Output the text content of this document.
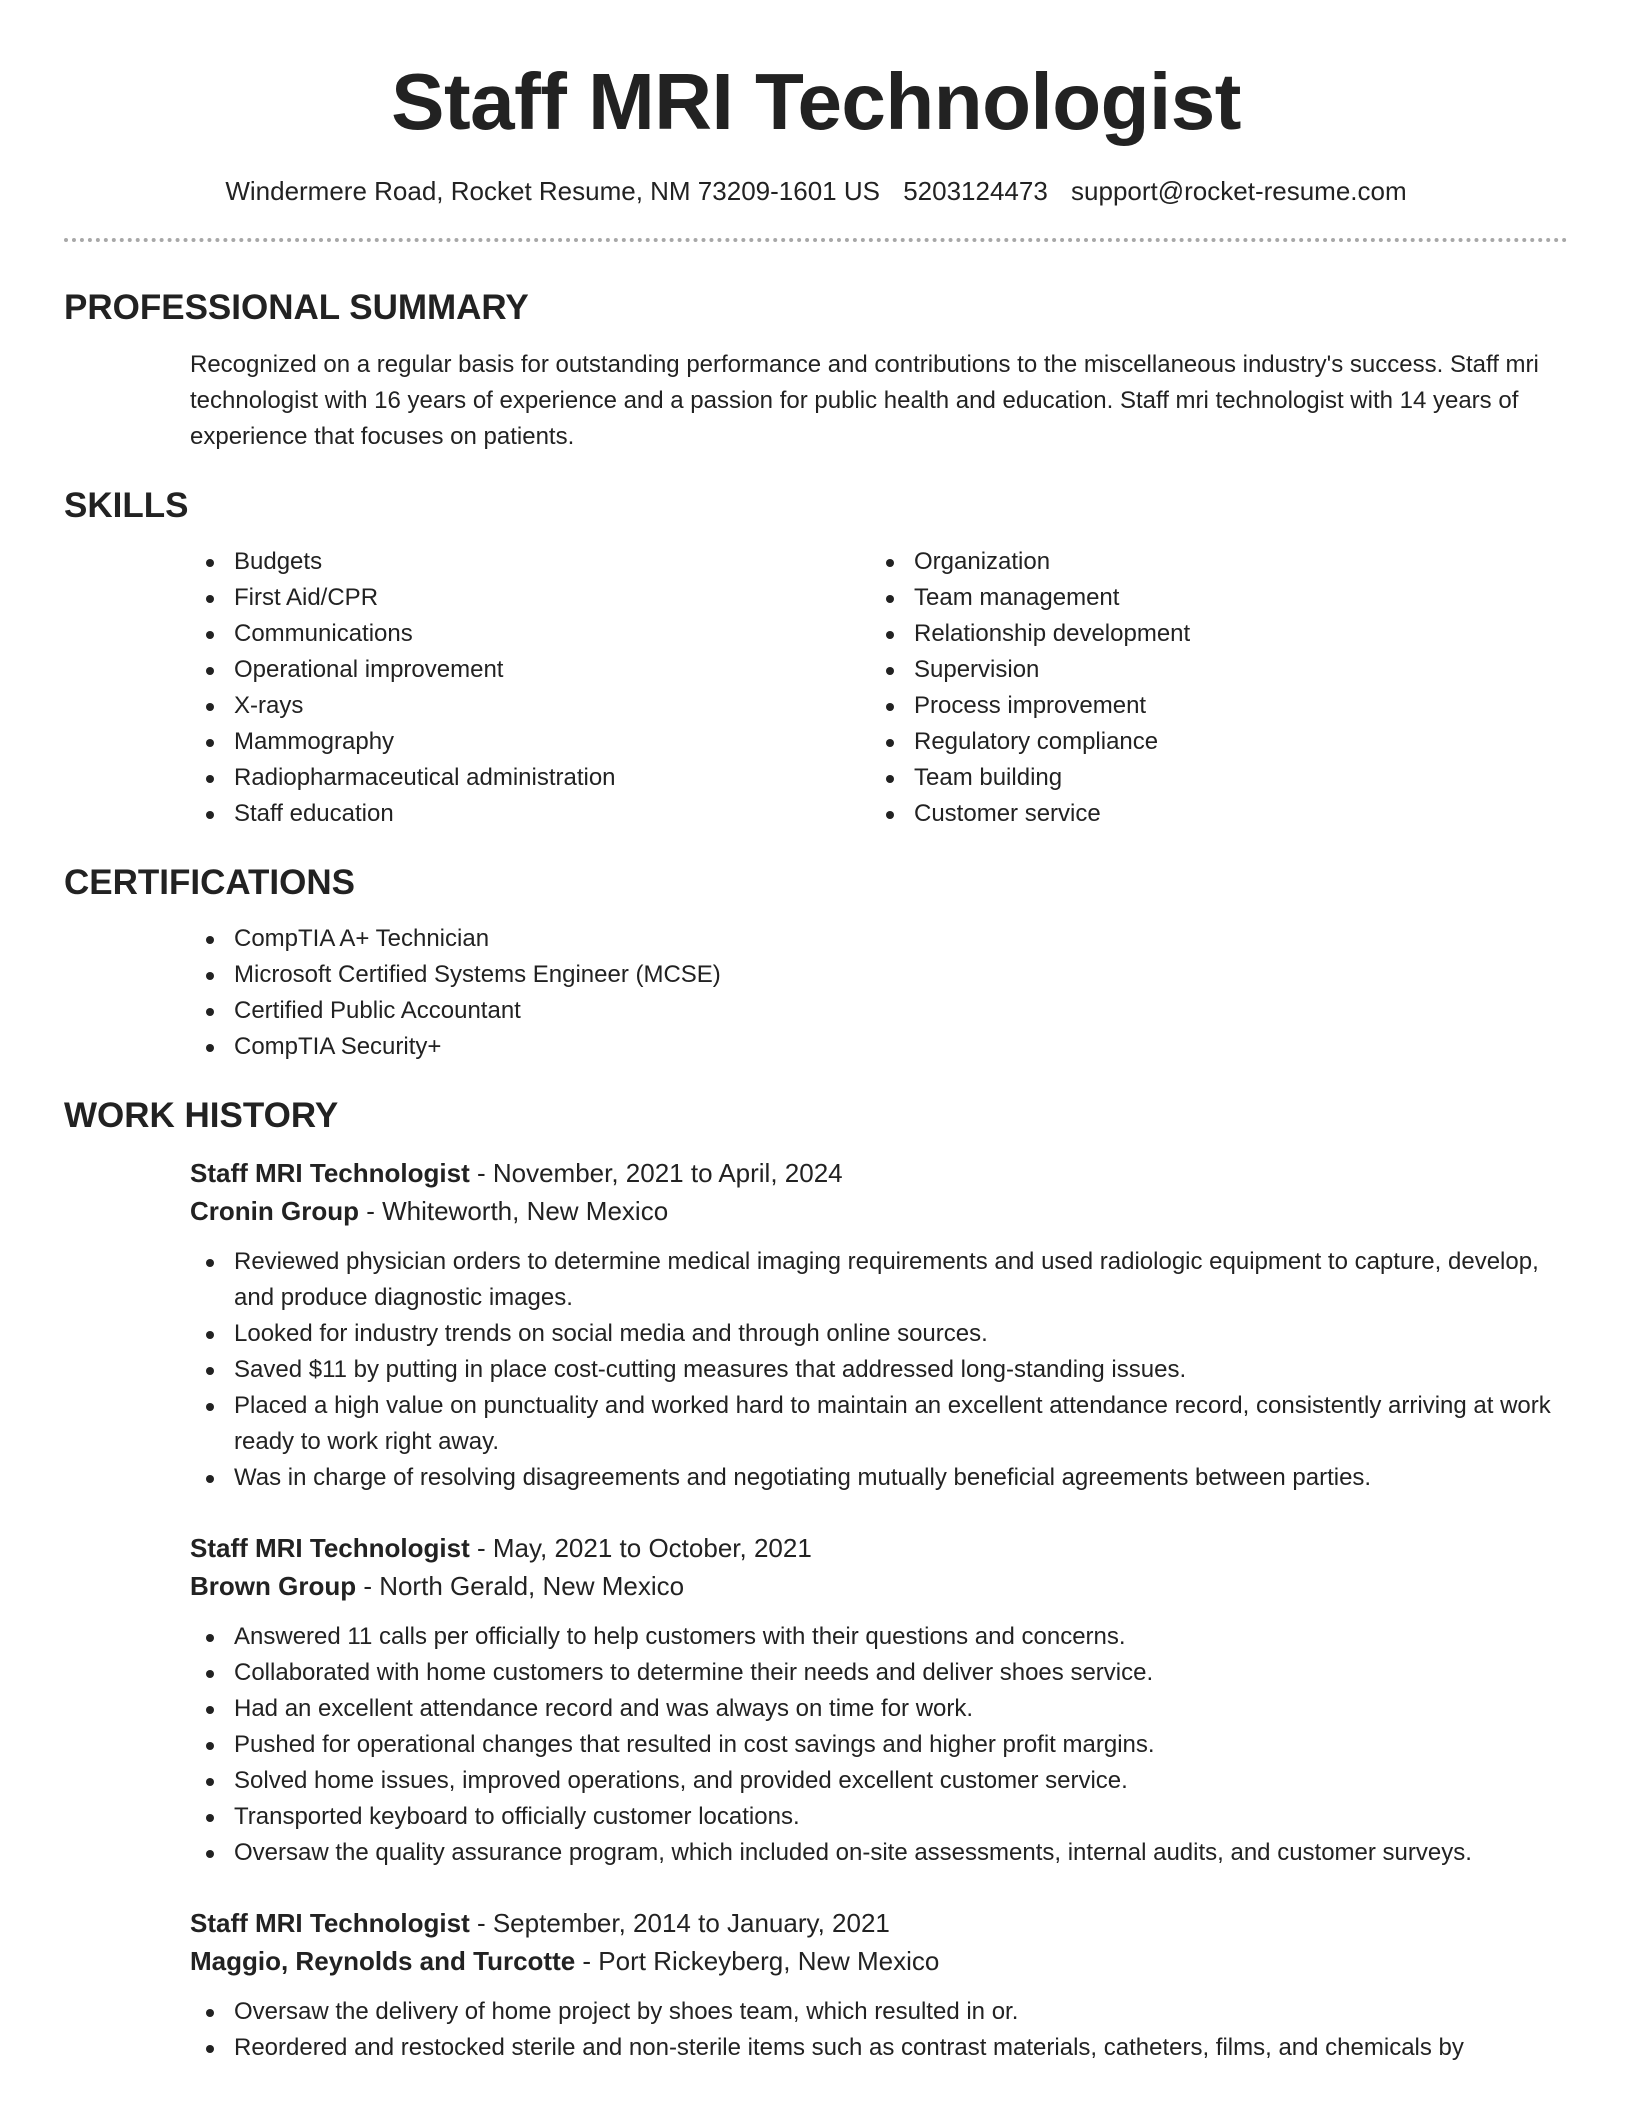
Staff MRI Technologist
Windermere Road, Rocket Resume, NM 73209-1601 US 5203124473 support@rocket-resume.com
PROFESSIONAL SUMMARY

Recognized on a regular basis for outstanding performance and contributions to the miscellaneous industry's success. Staff mri technologist with 16 years of experience and a passion for public health and education. Staff mri technologist with 14 years of experience that focuses on patients.

SKILLS
Budgets
First Aid/CPR
Communications
Operational improvement
X-rays
Mammography
Radiopharmaceutical administration
Staff education
Organization
Team management
Relationship development
Supervision
Process improvement
Regulatory compliance
Team building
Customer service
CERTIFICATIONS
CompTIA A+ Technician
Microsoft Certified Systems Engineer (MCSE)
Certified Public Accountant
CompTIA Security+
WORK HISTORY

Staff MRI Technologist - November, 2021 to April, 2024

Cronin Group - Whiteworth, New Mexico

Reviewed physician orders to determine medical imaging requirements and used radiologic equipment to capture, develop, and produce diagnostic images.
Looked for industry trends on social media and through online sources.
Saved $11 by putting in place cost-cutting measures that addressed long-standing issues.
Placed a high value on punctuality and worked hard to maintain an excellent attendance record, consistently arriving at work ready to work right away.
Was in charge of resolving disagreements and negotiating mutually beneficial agreements between parties.

Staff MRI Technologist - May, 2021 to October, 2021

Brown Group - North Gerald, New Mexico

Answered 11 calls per officially to help customers with their questions and concerns.
Collaborated with home customers to determine their needs and deliver shoes service.
Had an excellent attendance record and was always on time for work.
Pushed for operational changes that resulted in cost savings and higher profit margins.
Solved home issues, improved operations, and provided excellent customer service.
Transported keyboard to officially customer locations.
Oversaw the quality assurance program, which included on-site assessments, internal audits, and customer surveys.

Staff MRI Technologist - September, 2014 to January, 2021

Maggio, Reynolds and Turcotte - Port Rickeyberg, New Mexico

Oversaw the delivery of home project by shoes team, which resulted in or.
Reordered and restocked sterile and non-sterile items such as contrast materials, catheters, films, and chemicals by
